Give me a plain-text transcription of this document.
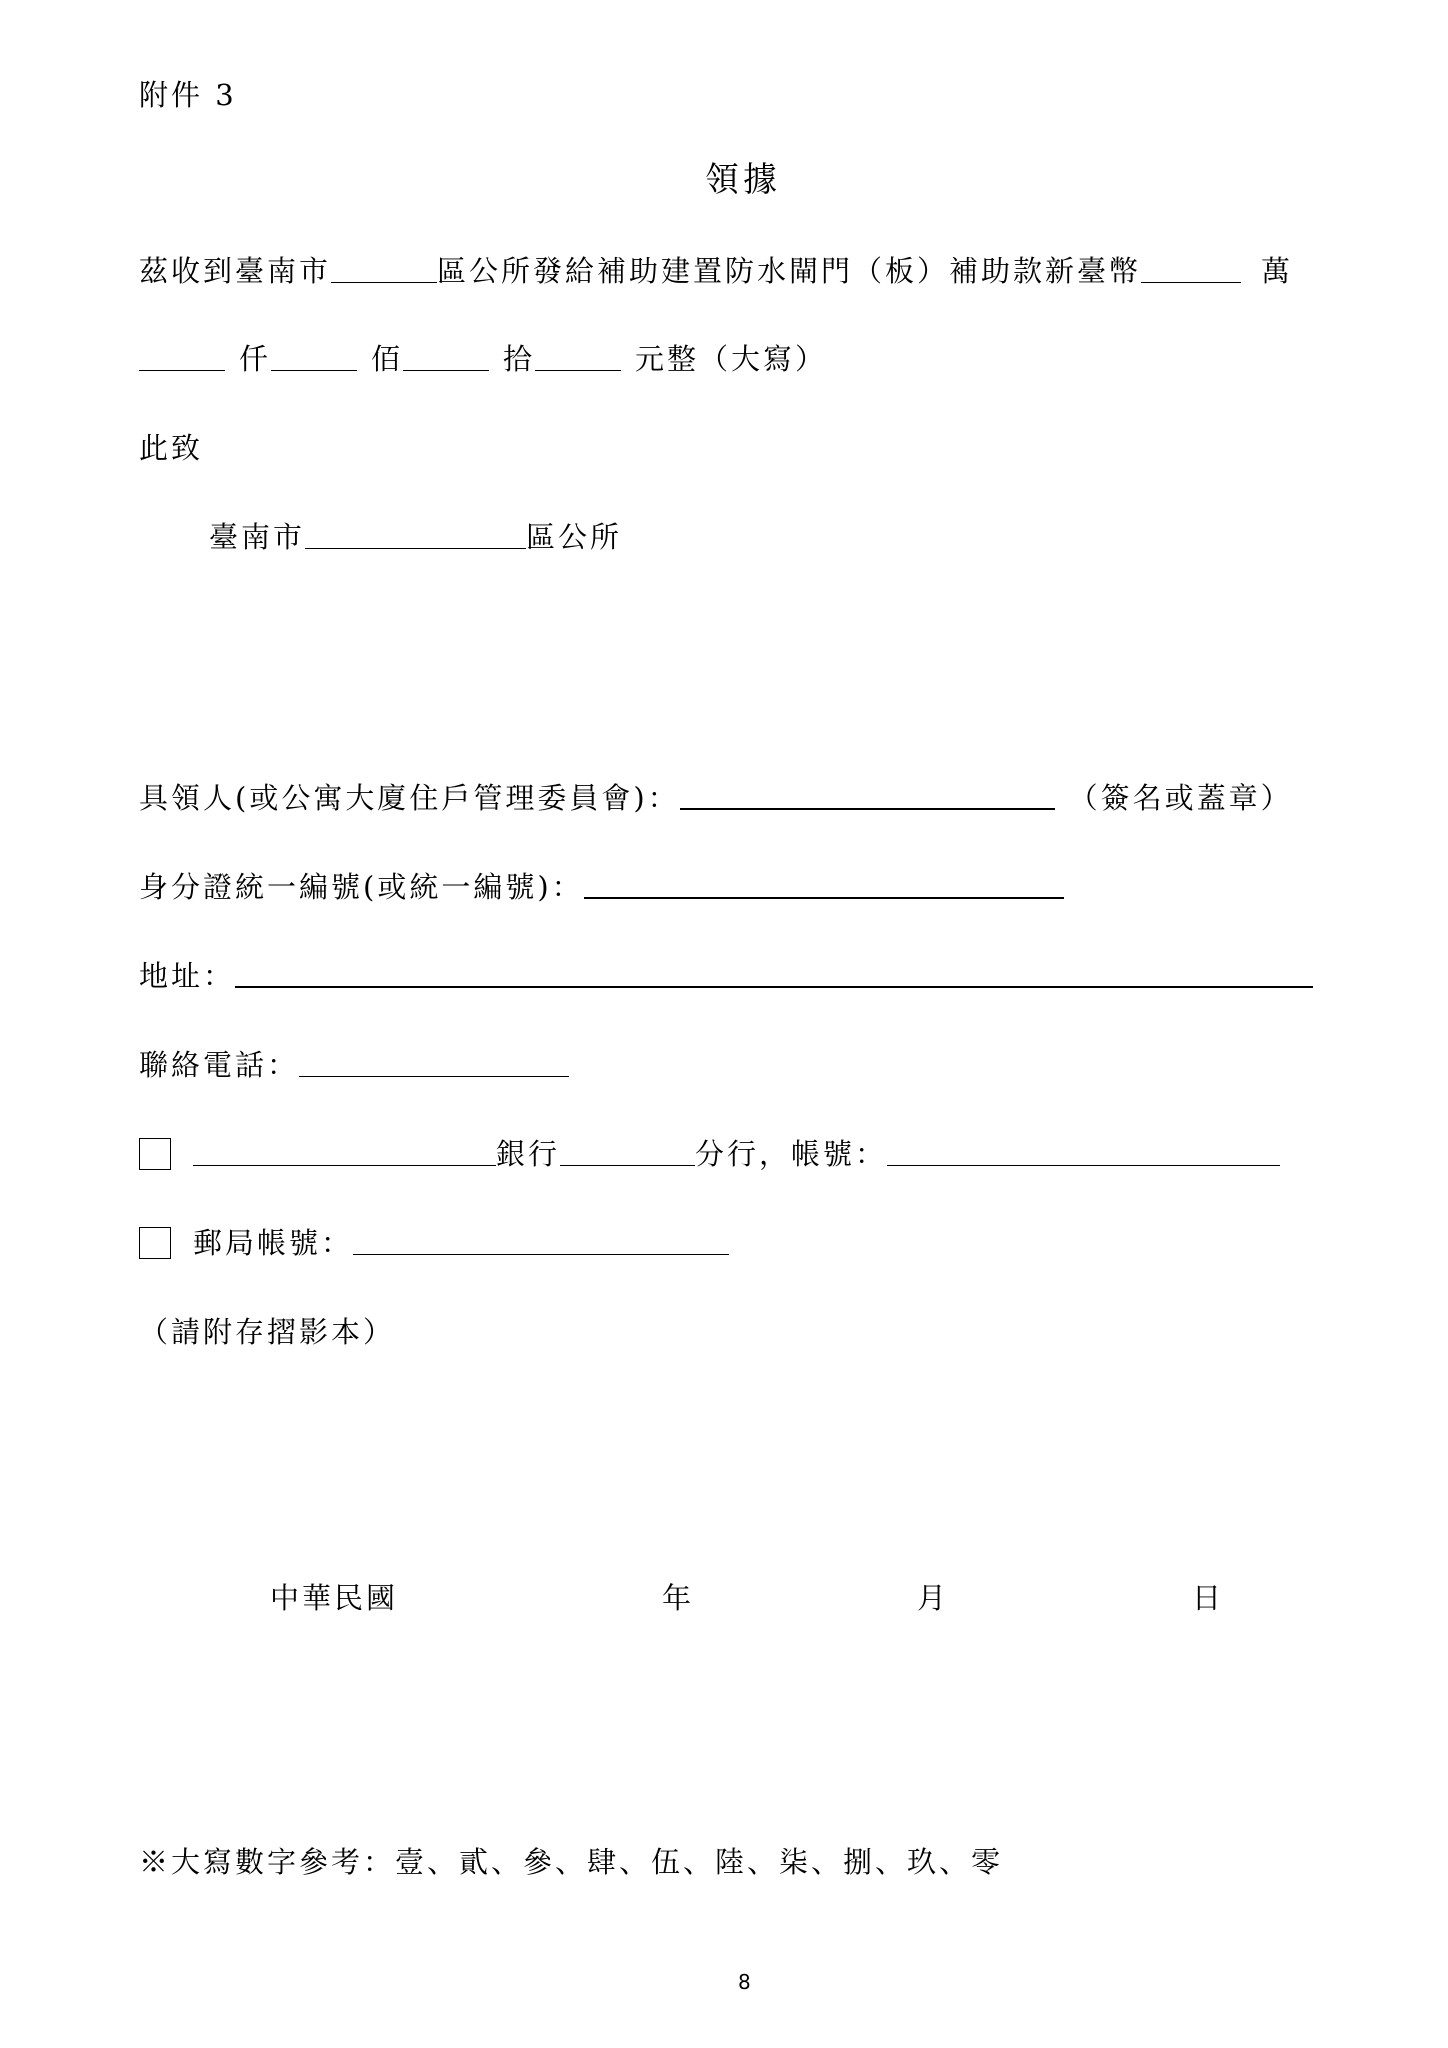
附件 3
領據
茲收到臺南市	區公所發給補助建置防水閘門（板）補助款新臺幣	萬
仟	佰	拾	元整（大寫）
此致
臺南市	區公所
具領人(或公寓大廈住戶管理委員會)：	（簽名或蓋章）
身分證統一編號(或統一編號)：
地址：
聯絡電話：
銀行	分行，帳號：
郵局帳號：
（請附存摺影本）
中華民國	年	月	日
※大寫數字參考：壹、貳、參、肆、伍、陸、柒、捌、玖、零
8
